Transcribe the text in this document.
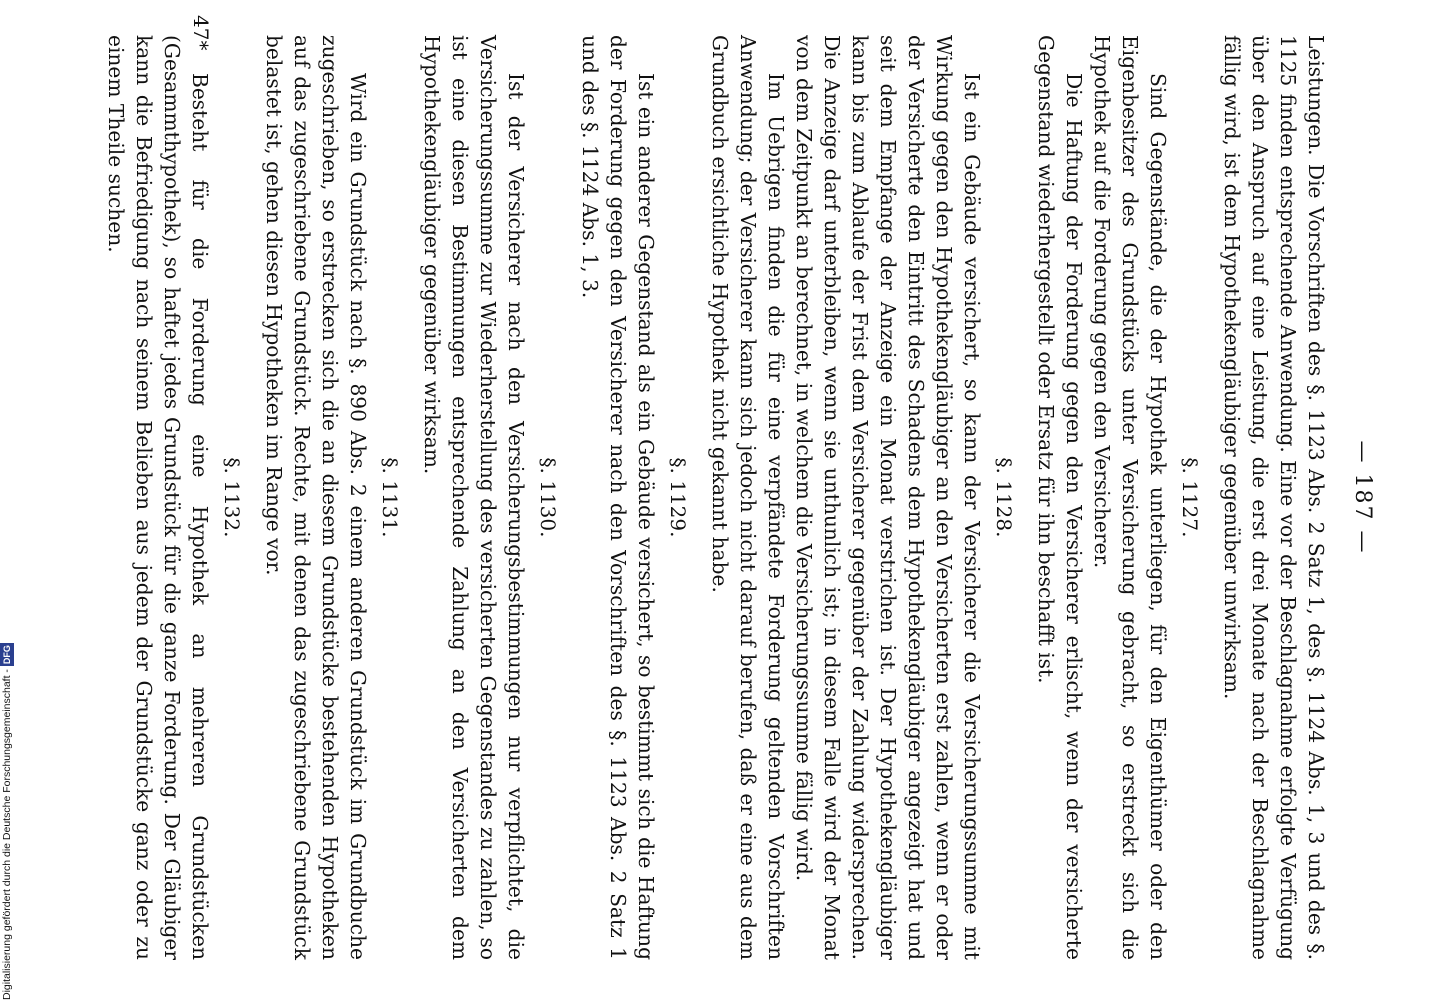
— 187 —

Leistungen. Die Vorschriften des §. 1123 Abs. 2 Satz 1, des §. 1124 Abs. 1, 3 und des §. 1125 finden entsprechende Anwendung. Eine vor der Beschlagnahme erfolgte Verfügung über den Anspruch auf eine Leistung, die erst drei Monate nach der Beschlagnahme fällig wird, ist dem Hypothekengläubiger gegenüber unwirksam.

§. 1127.

Sind Gegenstände, die der Hypothek unterliegen, für den Eigenthümer oder den Eigenbesitzer des Grundstücks unter Versicherung gebracht, so erstreckt sich die Hypothek auf die Forderung gegen den Versicherer.

Die Haftung der Forderung gegen den Versicherer erlischt, wenn der versicherte Gegenstand wiederhergestellt oder Ersatz für ihn beschafft ist.

§. 1128.

Ist ein Gebäude versichert, so kann der Versicherer die Versicherungssumme mit Wirkung gegen den Hypothekengläubiger an den Versicherten erst zahlen, wenn er oder der Versicherte den Eintritt des Schadens dem Hypothekengläubiger angezeigt hat und seit dem Empfange der Anzeige ein Monat verstrichen ist. Der Hypothekengläubiger kann bis zum Ablaufe der Frist dem Versicherer gegenüber der Zahlung widersprechen. Die Anzeige darf unterbleiben, wenn sie unthunlich ist; in diesem Falle wird der Monat von dem Zeitpunkt an berechnet, in welchem die Versicherungssumme fällig wird.

Im Uebrigen finden die für eine verpfändete Forderung geltenden Vorschriften Anwendung; der Versicherer kann sich jedoch nicht darauf berufen, daß er eine aus dem Grundbuch ersichtliche Hypothek nicht gekannt habe.

§. 1129.

Ist ein anderer Gegenstand als ein Gebäude versichert, so bestimmt sich die Haftung der Forderung gegen den Versicherer nach den Vorschriften des §. 1123 Abs. 2 Satz 1 und des §. 1124 Abs. 1, 3.

§. 1130.

Ist der Versicherer nach den Versicherungsbestimmungen nur verpflichtet, die Versicherungssumme zur Wiederherstellung des versicherten Gegenstandes zu zahlen, so ist eine diesen Bestimmungen entsprechende Zahlung an den Versicherten dem Hypothekengläubiger gegenüber wirksam.

§. 1131.

Wird ein Grundstück nach §. 890 Abs. 2 einem anderen Grundstück im Grundbuche zugeschrieben, so erstrecken sich die an diesem Grundstücke bestehenden Hypotheken auf das zugeschriebene Grundstück. Rechte, mit denen das zugeschriebene Grundstück belastet ist, gehen diesen Hypotheken im Range vor.

§. 1132.

Besteht für die Forderung eine Hypothek an mehreren Grundstücken (Gesammthypothek), so haftet jedes Grundstück für die ganze Forderung. Der Gläubiger kann die Befriedigung nach seinem Belieben aus jedem der Grundstücke ganz oder zu einem Theile suchen.

47*
Digitalisierung gefördert durch die Deutsche Forschungsgemeinschaft -DFG
